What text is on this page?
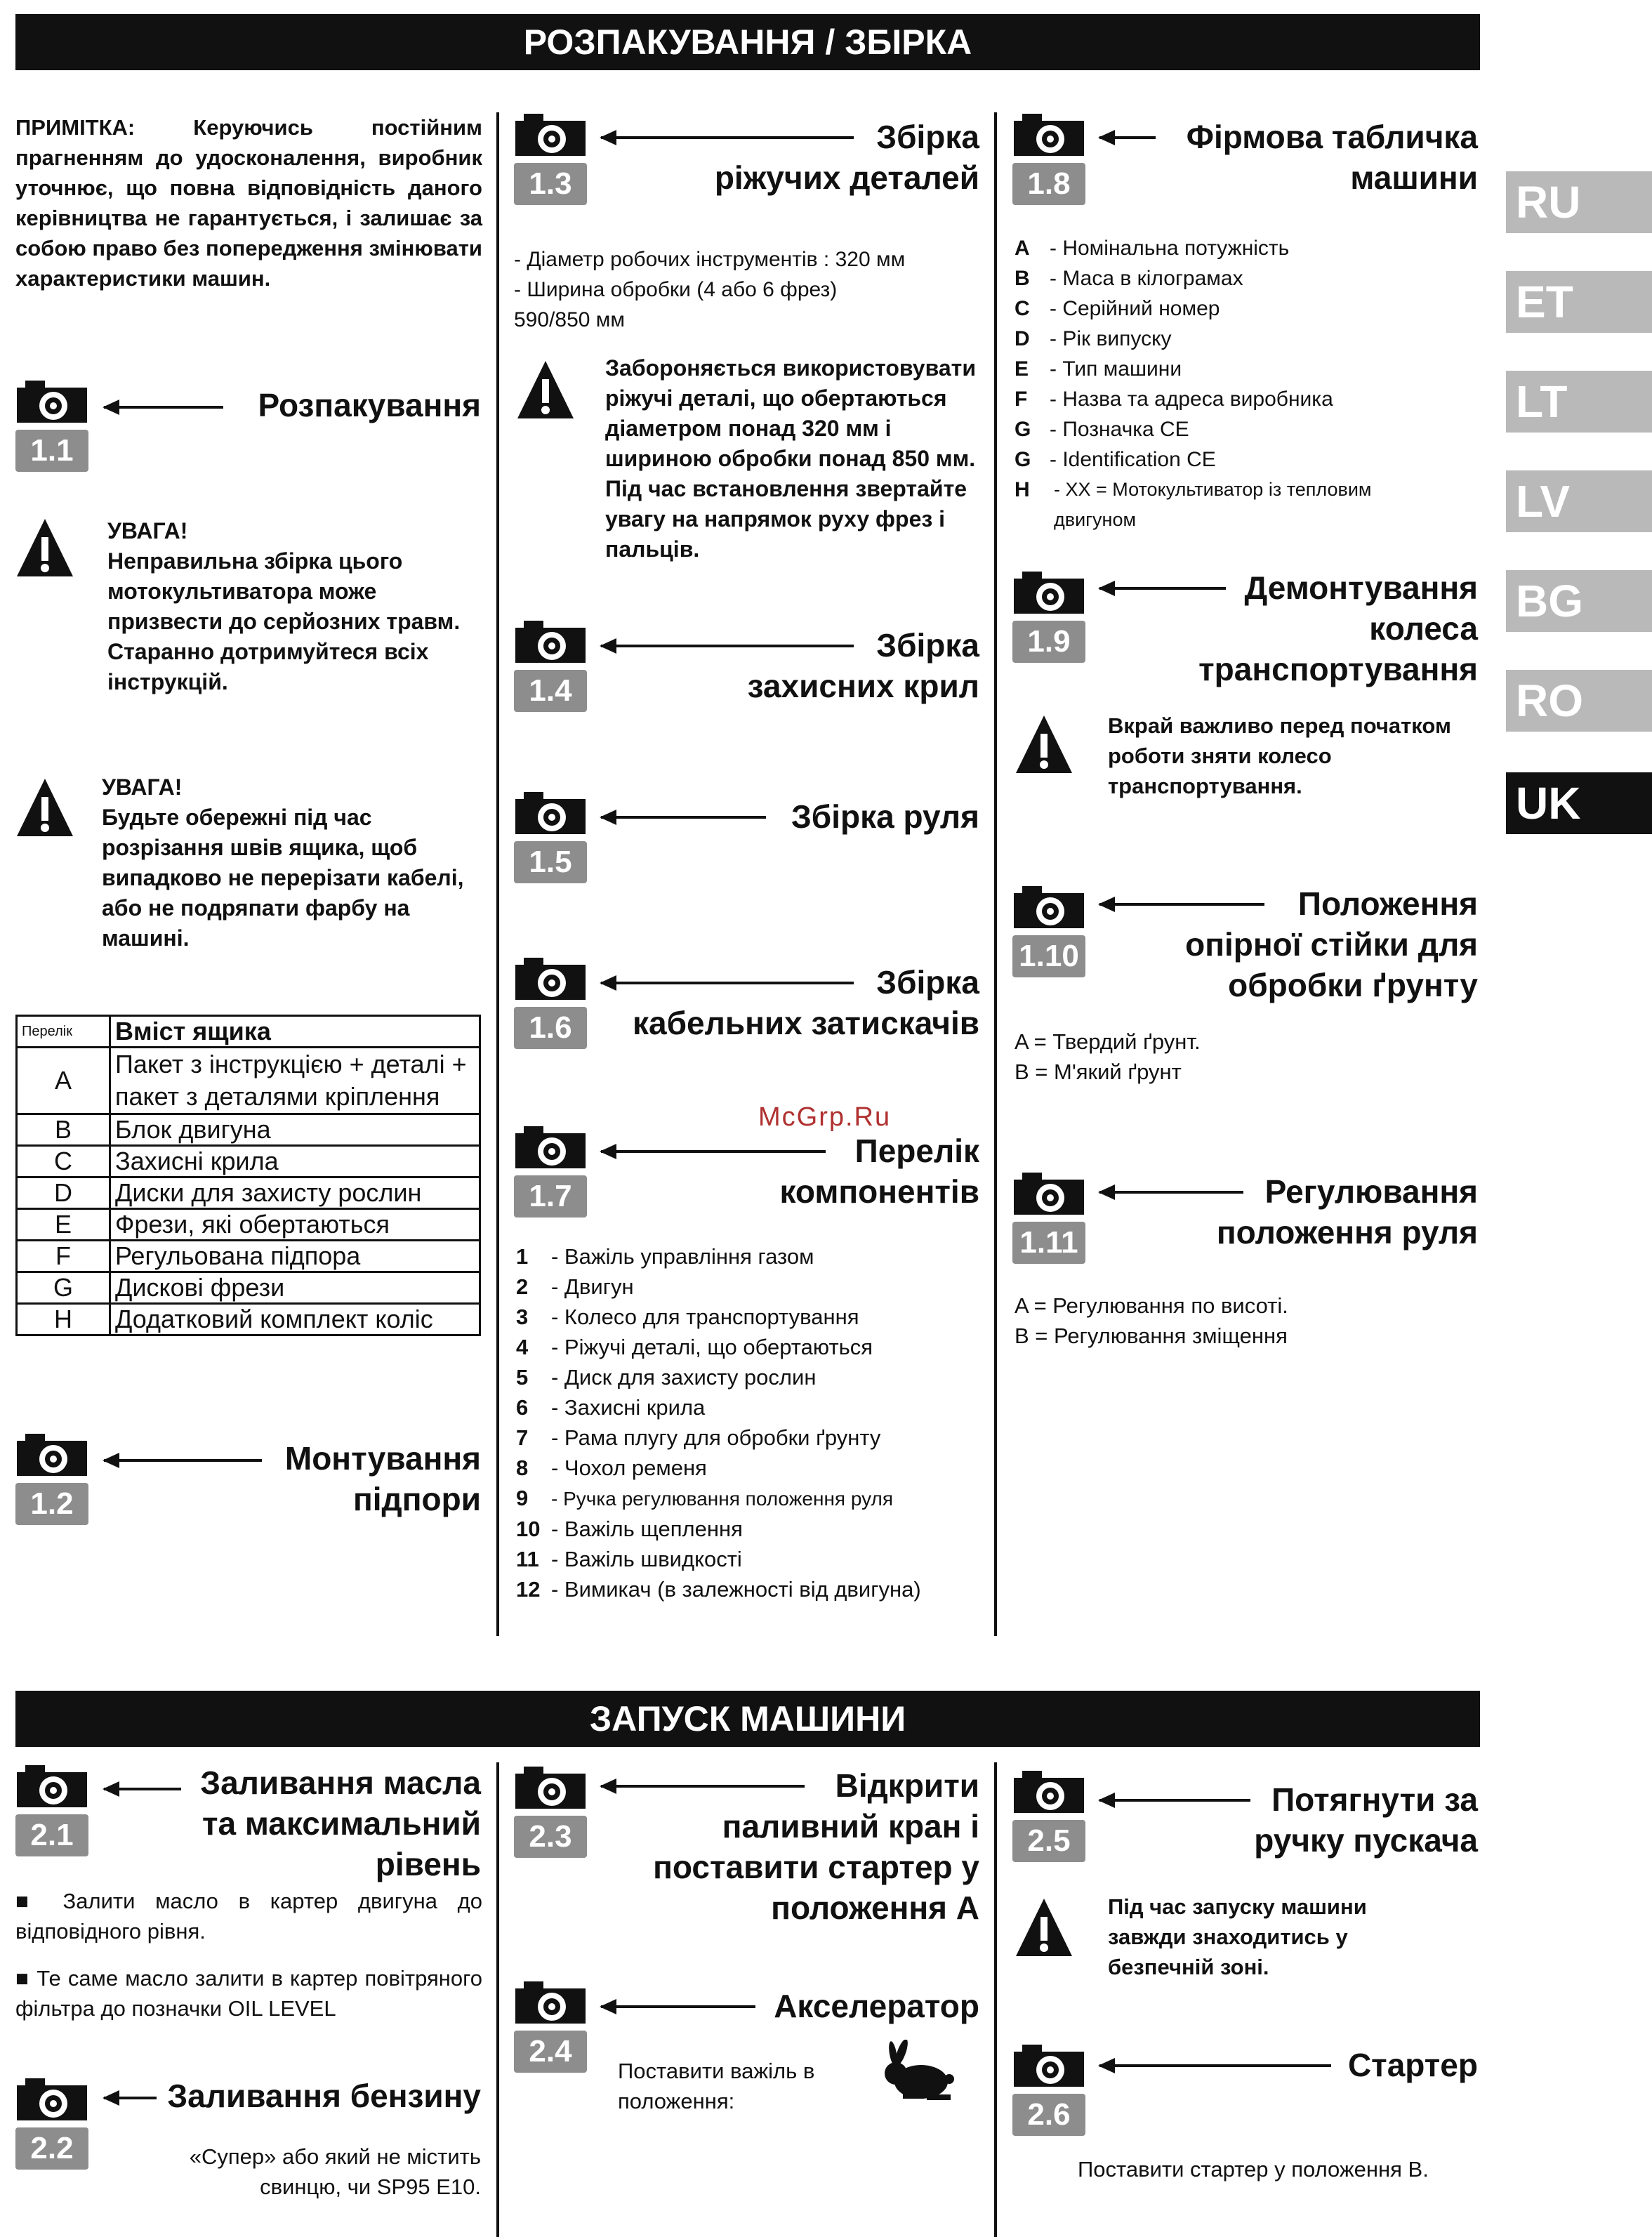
РОЗПАКУВАННЯ / ЗБІРКА
ПРИМІТКА: Керуючись постійним прагненням до удосконалення, виробник уточнює, що повна відповідність даного керівництва не гарантується, і залишає за собою право без попередження змінювати характеристики машин.
1.1
Розпакування
УВАГА!
Неправильна збірка цього мотокультиватора може призвести до серйозних травм. Старанно дотримуйтеся всіх інструкцій.
УВАГА!
Будьте обережні під час розрізання швів ящика, щоб випадково не перерізати кабелі, або не подряпати фарбу на машині.
Перелік	Вміст ящика
A	Пакет з інструкцією + деталі + пакет з деталями кріплення
B	Блок двигуна
C	Захисні крила
D	Диски для захисту рослин
E	Фрези, які обертаються
F	Регульована підпора
G	Дискові фрези
H	Додатковий комплект коліс
1.2
Монтування
підпори
1.3
Збірка
ріжучих деталей
- Діаметр робочих інструментів : 320 мм
- Ширина обробки (4 або 6 фрез)
590/850 мм
Забороняється використовувати ріжучі деталі, що обертаються діаметром понад 320 мм і шириною обробки понад 850 мм.
Під час встановлення звертайте увагу на напрямок руху фрез і пальців.
1.4
Збірка
захисних крил
1.5
Збірка руля
1.6
Збірка
кабельних затискачів
1.7
Перелік
компонентів
1 - Важіль управління газом
2 - Двигун
3 - Колесо для транспортування
4 - Ріжучі деталі, що обертаються
5 - Диск для захисту рослин
6 - Захисні крила
7 - Рама плугу для обробки ґрунту
8 - Чохол ременя
9 - Ручка регулювання положення руля
10 - Важіль щеплення
11 - Важіль швидкості
12 - Вимикач (в залежності від двигуна)
1.8
Фірмова табличка
машини
A - Номінальна потужність
B - Маса в кілограмах
C - Серійний номер
D - Рік випуску
E - Тип машини
F - Назва та адреса виробника
G - Позначка CE
G - Identification CE
H	- XX = Мотокультиватор із тепловим двигуном
1.9
Демонтування
колеса
транспортування
Вкрай важливо перед початком роботи зняти колесо транспортування.
1.10
Положення
опірної стійки для
обробки ґрунту
A = Твердий ґрунт.
B = М'який ґрунт
1.11
Регулювання
положення руля
A = Регулювання по висоті.
B = Регулювання зміщення
RU
ET
LT
LV
BG
RO
UK
McGrp.Ru
ЗАПУСК МАШИНИ
2.1
Заливання масла
та максимальний
рівень
■ Залити масло в картер двигуна до відповідного рівня.
■ Те саме масло залити в картер повітряного фільтра до позначки OIL LEVEL
2.2
Заливання бензину
«Супер» або який не містить свинцю, чи SP95 E10.
2.3
Відкрити
паливний кран і
поставити стартер у
положення A
2.4
Акселератор
Поставити важіль в положення:
2.5
Потягнути за
ручку пускача
Під час запуску машини завжди знаходитись у безпечній зоні.
2.6
Стартер
Поставити стартер у положення B.
